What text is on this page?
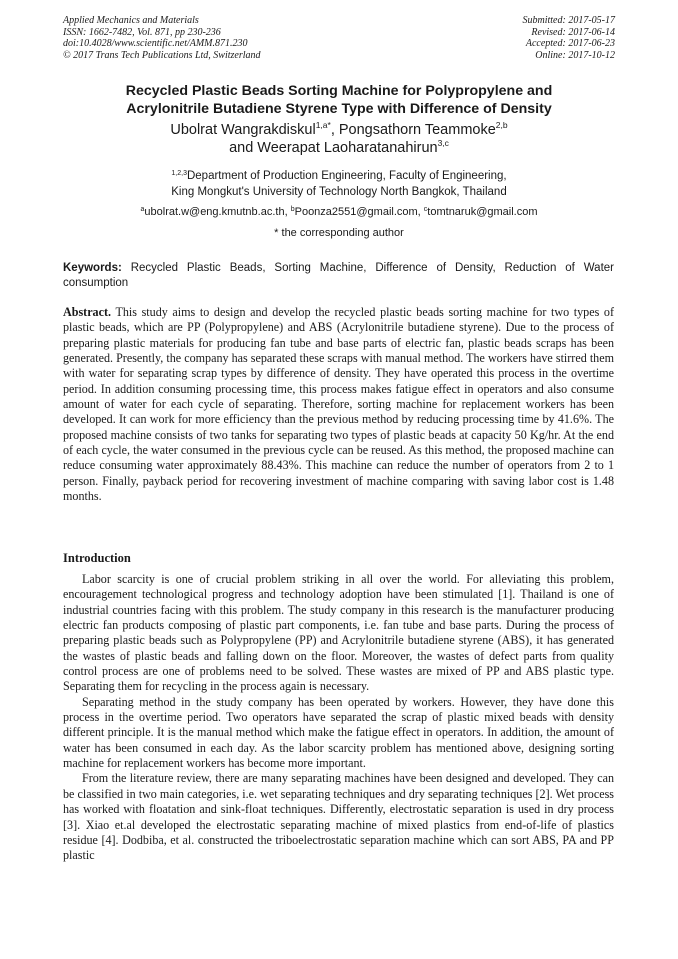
Applied Mechanics and Materials
ISSN: 1662-7482, Vol. 871, pp 230-236
doi:10.4028/www.scientific.net/AMM.871.230
© 2017 Trans Tech Publications Ltd, Switzerland
Submitted: 2017-05-17
Revised: 2017-06-14
Accepted: 2017-06-23
Online: 2017-10-12
Recycled Plastic Beads Sorting Machine for Polypropylene and
Acrylonitrile Butadiene Styrene Type with Difference of Density
Ubolrat Wangrakdiskul$^{1,a*}$, Pongsathorn Teammoke$^{2,b}$
and Weerapat Laoharatanahirun$^{3,c}$
$^{1,2,3}$Department of Production Engineering, Faculty of Engineering,
King Mongkut's University of Technology North Bangkok, Thailand
$^a$ubolrat.w@eng.kmutnb.ac.th, $^b$Poonza2551@gmail.com, $^c$tomtnaruk@gmail.com
* the corresponding author
Keywords: Recycled Plastic Beads, Sorting Machine, Difference of Density, Reduction of Water consumption
Abstract. This study aims to design and develop the recycled plastic beads sorting machine for two types of plastic beads, which are PP (Polypropylene) and ABS (Acrylonitrile butadiene styrene). Due to the process of preparing plastic materials for producing fan tube and base parts of electric fan, plastic beads scraps has been generated. Presently, the company has separated these scraps with manual method. The workers have stirred them with water for separating scrap types by difference of density. They have operated this process in the overtime period. In addition consuming processing time, this process makes fatigue effect in operators and also consume amount of water for each cycle of separating. Therefore, sorting machine for replacement workers has been developed. It can work for more efficiency than the previous method by reducing processing time by 41.6%. The proposed machine consists of two tanks for separating two types of plastic beads at capacity 50 Kg/hr. At the end of each cycle, the water consumed in the previous cycle can be reused. As this method, the proposed machine can reduce consuming water approximately 88.43%. This machine can reduce the number of operators from 2 to 1 person. Finally, payback period for recovering investment of machine comparing with saving labor cost is 1.48 months.
Introduction

Labor scarcity is one of crucial problem striking in all over the world. For alleviating this problem, encouragement technological progress and technology adoption have been stimulated [1]. Thailand is one of industrial countries facing with this problem. The study company in this research is the manufacturer producing electric fan products composing of plastic part components, i.e. fan tube and base parts. During the process of preparing plastic beads such as Polypropylene (PP) and Acrylonitrile butadiene styrene (ABS), it has generated the wastes of plastic beads and falling down on the floor. Moreover, the wastes of defect parts from quality control process are one of problems need to be solved. These wastes are mixed of PP and ABS plastic type. Separating them for recycling in the process again is necessary.

Separating method in the study company has been operated by workers. However, they have done this process in the overtime period. Two operators have separated the scrap of plastic mixed beads with density different principle. It is the manual method which make the fatigue effect in operators. In addition, the amount of water has been consumed in each day. As the labor scarcity problem has mentioned above, designing sorting machine for replacement workers has become more important.

From the literature review, there are many separating machines have been designed and developed. They can be classified in two main categories, i.e. wet separating techniques and dry separating techniques [2]. Wet process has worked with floatation and sink-float techniques. Differently, electrostatic separation is used in dry process [3]. Xiao et.al developed the electrostatic separating machine of mixed plastics from end-of-life of plastics residue [4]. Dodbiba, et al. constructed the triboelectrostatic separation machine which can sort ABS, PA and PP plastic
